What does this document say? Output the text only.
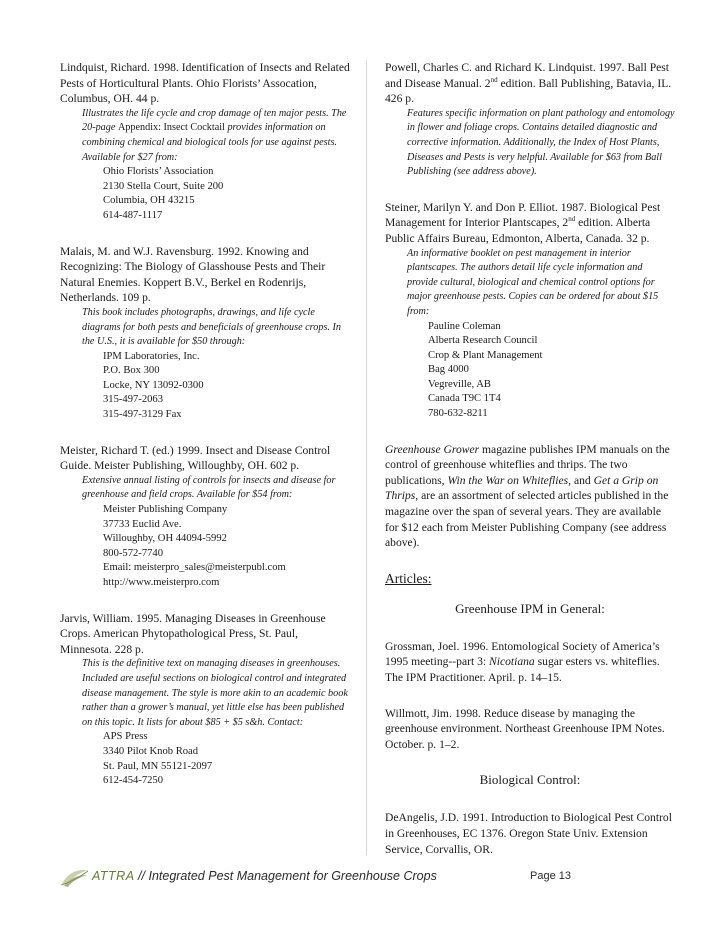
Lindquist, Richard. 1998. Identification of Insects and Related Pests of Horticultural Plants. Ohio Florists’ Assocation, Columbus, OH. 44 p.

Illustrates the life cycle and crop damage of ten major pests. The 20-page Appendix: Insect Cocktail provides information on combining chemical and biological tools for use against pests. Available for $27 from:

Ohio Florists’ Association
2130 Stella Court, Suite 200
Columbia, OH 43215
614-487-1117

Malais, M. and W.J. Ravensburg. 1992. Knowing and Recognizing: The Biology of Glasshouse Pests and Their Natural Enemies. Koppert B.V., Berkel en Rodenrijs, Netherlands. 109 p.

This book includes photographs, drawings, and life cycle diagrams for both pests and beneficials of greenhouse crops. In the U.S., it is available for $50 through:

IPM Laboratories, Inc.
P.O. Box 300
Locke, NY 13092-0300
315-497-2063
315-497-3129 Fax

Meister, Richard T. (ed.) 1999. Insect and Disease Control Guide. Meister Publishing, Willoughby, OH. 602 p.

Extensive annual listing of controls for insects and disease for greenhouse and field crops. Available for $54 from:

Meister Publishing Company
37733 Euclid Ave.
Willoughby, OH 44094-5992
800-572-7740
Email: meisterpro_sales@meisterpubl.com
http://www.meisterpro.com

Jarvis, William. 1995. Managing Diseases in Greenhouse Crops. American Phytopathological Press, St. Paul, Minnesota. 228 p.

This is the definitive text on managing diseases in greenhouses. Included are useful sections on biological control and integrated disease management. The style is more akin to an academic book rather than a grower’s manual, yet little else has been published on this topic. It lists for about $85 + $5 s&h. Contact:

APS Press
3340 Pilot Knob Road
St. Paul, MN 55121-2097
612-454-7250

Powell, Charles C. and Richard K. Lindquist. 1997. Ball Pest and Disease Manual. 2nd edition. Ball Publishing, Batavia, IL. 426 p.

Features specific information on plant pathology and entomology in flower and foliage crops. Contains detailed diagnostic and corrective information. Additionally, the Index of Host Plants, Diseases and Pests is very helpful. Available for $63 from Ball Publishing (see address above).

Steiner, Marilyn Y. and Don P. Elliot. 1987. Biological Pest Management for Interior Plantscapes, 2nd edition. Alberta Public Affairs Bureau, Edmonton, Alberta, Canada. 32 p.

An informative booklet on pest management in interior plantscapes. The authors detail life cycle information and provide cultural, biological and chemical control options for major greenhouse pests. Copies can be ordered for about $15 from:

Pauline Coleman
Alberta Research Council
Crop & Plant Management
Bag 4000
Vegreville, AB
Canada T9C 1T4
780-632-8211

Greenhouse Grower magazine publishes IPM manuals on the control of greenhouse whiteflies and thrips. The two publications, Win the War on Whiteflies, and Get a Grip on Thrips, are an assortment of selected articles published in the magazine over the span of several years. They are available for $12 each from Meister Publishing Company (see address above).

Articles:
Greenhouse IPM in General:

Grossman, Joel. 1996. Entomological Society of America’s 1995 meeting--part 3: Nicotiana sugar esters vs. whiteflies. The IPM Practitioner. April. p. 14–15.

Willmott, Jim. 1998. Reduce disease by managing the greenhouse environment. Northeast Greenhouse IPM Notes. October. p. 1–2.

Biological Control:

DeAngelis, J.D. 1991. Introduction to Biological Pest Control in Greenhouses, EC 1376. Oregon State Univ. Extension Service, Corvallis, OR.

ATTRA // Integrated Pest Management for Greenhouse Crops	Page 13
